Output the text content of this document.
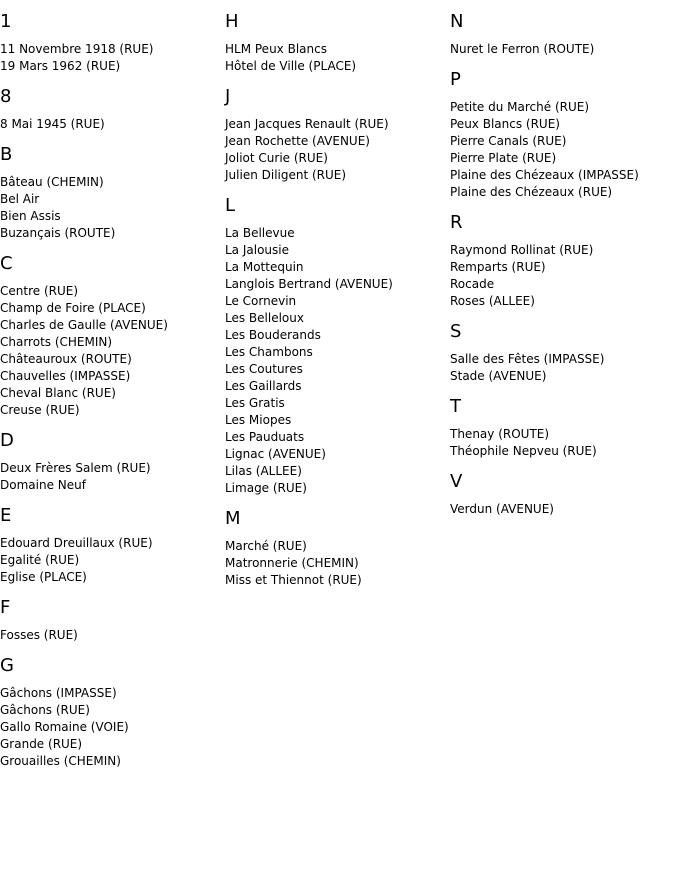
1
11 Novembre 1918 (RUE)
19 Mars 1962 (RUE)
8
8 Mai 1945 (RUE)
B
Bâteau (CHEMIN)
Bel Air
Bien Assis
Buzançais (ROUTE)
C
Centre (RUE)
Champ de Foire (PLACE)
Charles de Gaulle (AVENUE)
Charrots (CHEMIN)
Châteauroux (ROUTE)
Chauvelles (IMPASSE)
Cheval Blanc (RUE)
Creuse (RUE)
D
Deux Frères Salem (RUE)
Domaine Neuf
E
Edouard Dreuillaux (RUE)
Egalité (RUE)
Eglise (PLACE)
F
Fosses (RUE)
G
Gâchons (IMPASSE)
Gâchons (RUE)
Gallo Romaine (VOIE)
Grande (RUE)
Grouailles (CHEMIN)
H
HLM Peux Blancs
Hôtel de Ville (PLACE)
J
Jean Jacques Renault (RUE)
Jean Rochette (AVENUE)
Joliot Curie (RUE)
Julien Diligent (RUE)
L
La Bellevue
La Jalousie
La Mottequin
Langlois Bertrand (AVENUE)
Le Cornevin
Les Belleloux
Les Bouderands
Les Chambons
Les Coutures
Les Gaillards
Les Gratis
Les Miopes
Les Pauduats
Lignac (AVENUE)
Lilas (ALLEE)
Limage (RUE)
M
Marché (RUE)
Matronnerie (CHEMIN)
Miss et Thiennot (RUE)
N
Nuret le Ferron (ROUTE)
P
Petite du Marché (RUE)
Peux Blancs (RUE)
Pierre Canals (RUE)
Pierre Plate (RUE)
Plaine des Chézeaux (IMPASSE)
Plaine des Chézeaux (RUE)
R
Raymond Rollinat (RUE)
Remparts (RUE)
Rocade
Roses (ALLEE)
S
Salle des Fêtes (IMPASSE)
Stade (AVENUE)
T
Thenay (ROUTE)
Théophile Nepveu (RUE)
V
Verdun (AVENUE)
